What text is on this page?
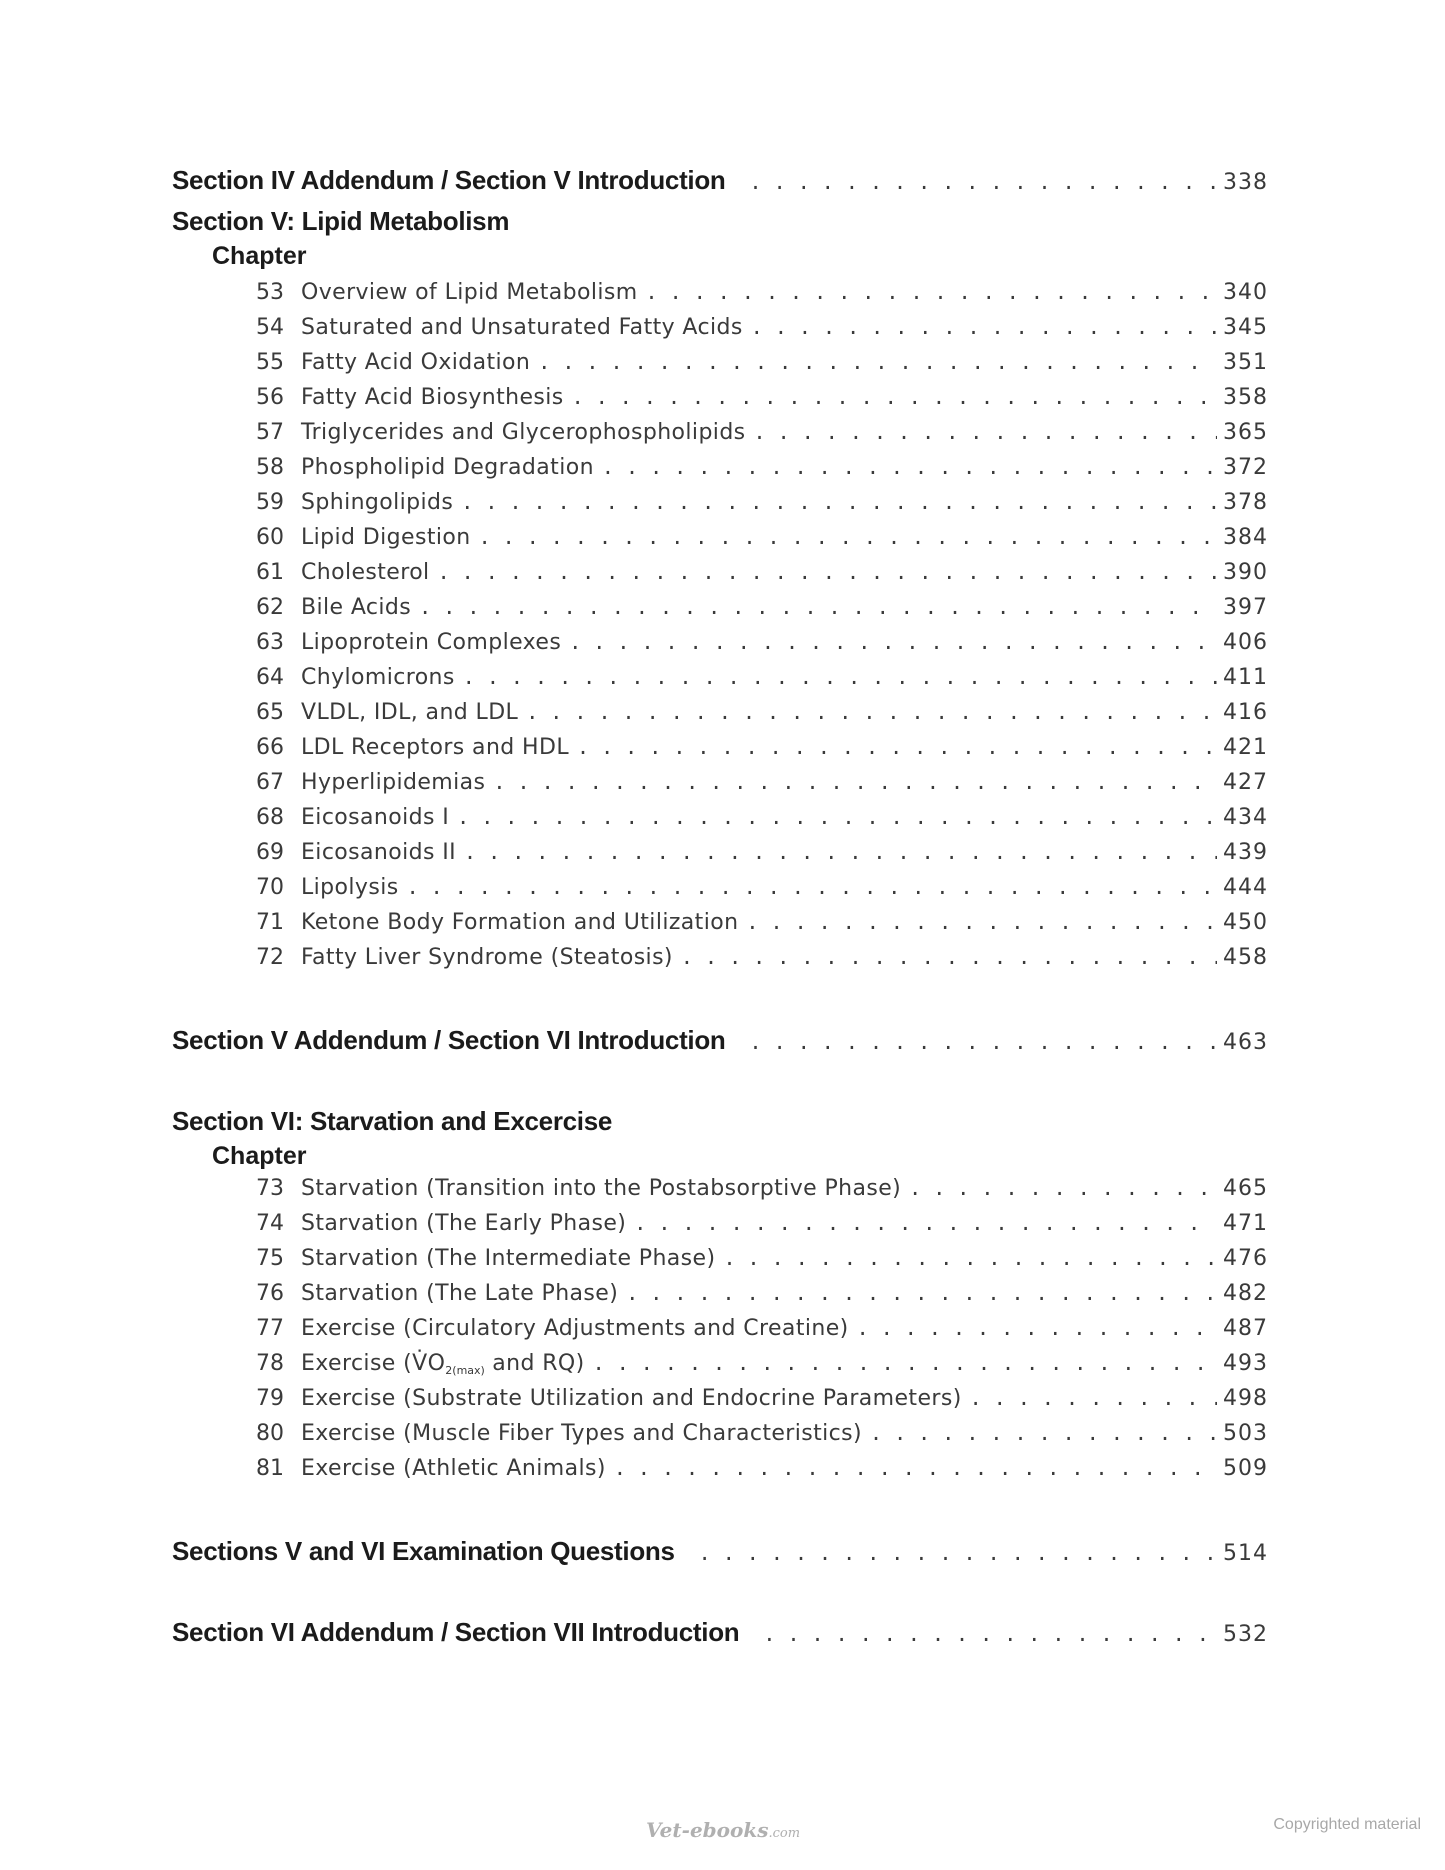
Section IV Addendum / Section V Introduction . . .	338
Section V: Lipid Metabolism
Chapter
53 Overview of Lipid Metabolism . . .	340
54 Saturated and Unsaturated Fatty Acids . . .	345
55 Fatty Acid Oxidation . . .	351
56 Fatty Acid Biosynthesis . . .	358
57 Triglycerides and Glycerophospholipids . . .	365
58 Phospholipid Degradation . . .	372
59 Sphingolipids . . .	378
60 Lipid Digestion . . .	384
61 Cholesterol . . .	390
62 Bile Acids . . .	397
63 Lipoprotein Complexes . . .	406
64 Chylomicrons . . .	411
65 VLDL, IDL, and LDL . . .	416
66 LDL Receptors and HDL . . .	421
67 Hyperlipidemias . . .	427
68 Eicosanoids I . . .	434
69 Eicosanoids II . . .	439
70 Lipolysis . . .	444
71 Ketone Body Formation and Utilization . . .	450
72 Fatty Liver Syndrome (Steatosis) . . .	458
Section V Addendum / Section VI Introduction . . .	463
Section VI: Starvation and Excercise
Chapter
73 Starvation (Transition into the Postabsorptive Phase) . . .	465
74 Starvation (The Early Phase) . . .	471
75 Starvation (The Intermediate Phase) . . .	476
76 Starvation (The Late Phase) . . .	482
77 Exercise (Circulatory Adjustments and Creatine) . . .	487
78 Exercise ($V̇O_{2(max)}$ and RQ) . . .	493
79 Exercise (Substrate Utilization and Endocrine Parameters) . . .	498
80 Exercise (Muscle Fiber Types and Characteristics) . . .	503
81 Exercise (Athletic Animals) . . .	509
Sections V and VI Examination Questions . . .	514
Section VI Addendum / Section VII Introduction . . .	532
Vet-ebooks.com
Copyrighted material
